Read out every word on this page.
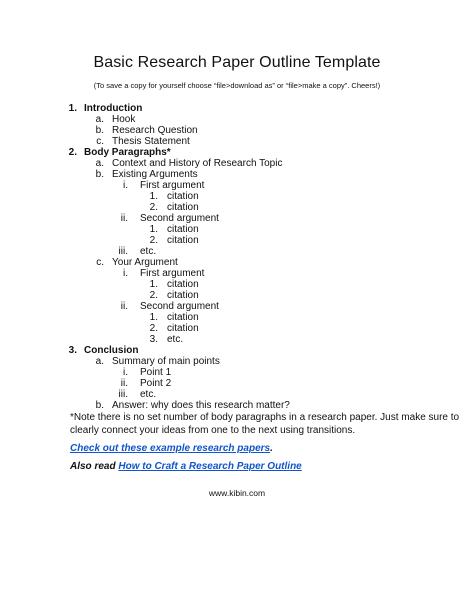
Basic Research Paper Outline Template
(To save a copy for yourself choose “file>download as” or “file>make a copy”. Cheers!)
1. Introduction
a. Hook
b. Research Question
c. Thesis Statement
2. Body Paragraphs*
a. Context and History of Research Topic
b. Existing Arguments
i. First argument
1. citation
2. citation
ii. Second argument
1. citation
2. citation
iii. etc.
c. Your Argument
i. First argument
1. citation
2. citation
ii. Second argument
1. citation
2. citation
3. etc.
3. Conclusion
a. Summary of main points
i. Point 1
ii. Point 2
iii. etc.
b. Answer: why does this research matter?
*Note there is no set number of body paragraphs in a research paper. Just make sure to
clearly connect your ideas from one to the next using transitions.
Check out these example research papers.
Also read How to Craft a Research Paper Outline
www.kibin.com
